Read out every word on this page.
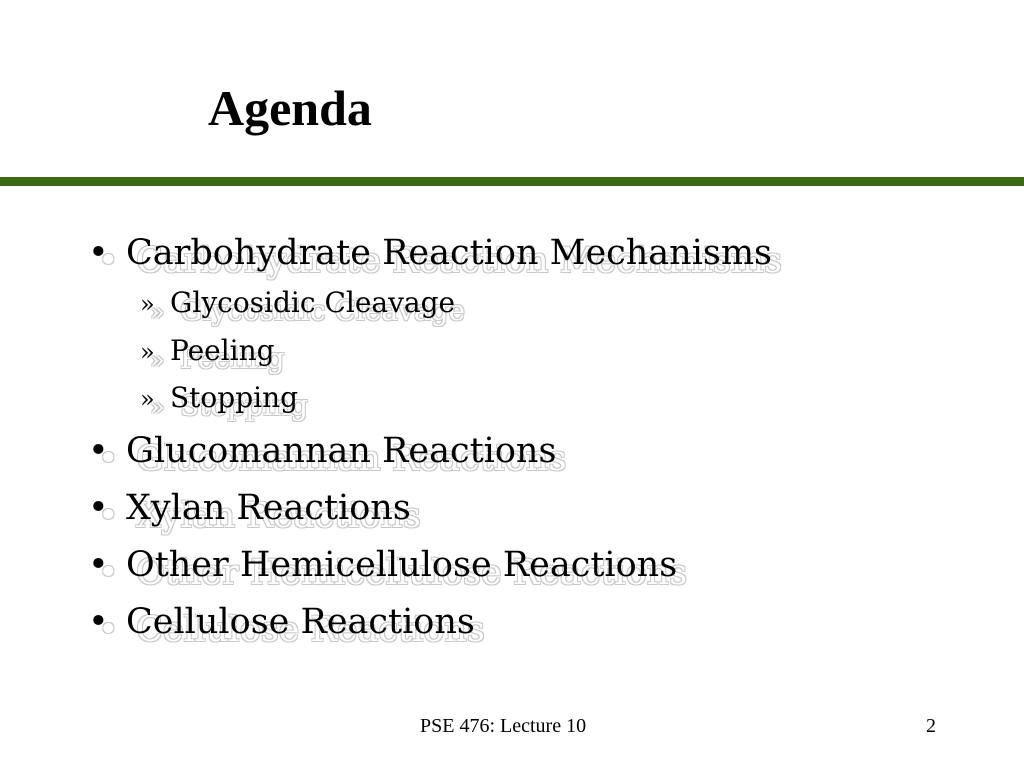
Agenda
• Carbohydrate Reaction Mechanisms
» Glycosidic Cleavage
» Peeling
» Stopping
• Glucomannan Reactions
• Xylan Reactions
• Other Hemicellulose Reactions
• Cellulose Reactions
PSE 476: Lecture 10	2
